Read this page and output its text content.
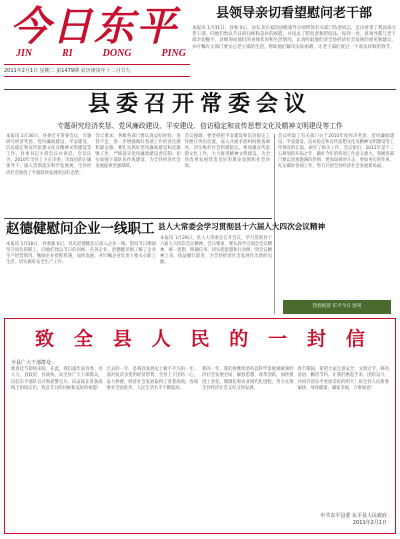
今日东平
JIN	RI	DONG	PING
2011年2月1日 星期二 第1479期 农历庚寅年十二月廿九
县领导亲切看望慰问老干部
本报讯 1月31日，县委书记、县长及在家的县级领导分别带领有关部门负责同志，走访看望了我县部分老干部，向他们致以节日的问候和美好的祝愿，并送去了慰问金和慰问品。每到一处，县领导都与老干部亲切握手，详细询问他们的身体状况和生活情况，认真听取他们对全县经济社会发展的意见和建议，并叮嘱有关部门要关心老干部的生活，帮助他们解决实际困难，让老干部们度过一个欢乐祥和的春节。
县委召开常委会议
专题研究经济奖惩、党风廉政建设、平安建设、信访稳定和宣传思想文化及精神文明建设等工作
本报讯 1月30日，县委召开常委会议，专题研究经济奖惩、党风廉政建设、平安建设、信访稳定和宣传思想文化及精神文明建设等工作。县委书记主持会议并讲话。会议认为，2010年全县上下在市委、市政府的正确领导下，深入贯彻落实科学发展观，全县经济社会保持了平稳较快发展的良好态势。
会议要求，各级各部门要认真总结经验，查找不足，进一步增强做好各项工作的责任感和紧迫感。要扎实抓好党风廉政建设和反腐败工作，严格落实党风廉政建设责任制，切实加强干部队伍作风建设，为全县经济社会发展提供坚强保障。
会议强调，要坚持把平安建设和信访稳定工作摆在突出位置，深入开展矛盾纠纷排查调处，切实维护社会和谐稳定。要加强宣传思想文化工作，大力推进精神文明建设，为全县改革发展营造良好的舆论氛围和社会环境。
会议听取了有关部门关于2010年度经济奖惩、党风廉政建设、平安建设、信访稳定和宣传思想文化及精神文明建设等工作情况的汇报，研究了相关工作。会议指出，2011年是十二五规划的开局之年，做好今年的各项工作意义重大。各级各部门要以更加饱满的热情、更加昂扬的斗志、更加务实的作风，扎实做好各项工作，努力开创全县经济社会发展新局面。
赵德健慰问企业一线职工
本报讯 1月28日，县委副书记、县长赵德健先后深入企业一线，慰问节日期间坚守岗位的职工，向他们致以节日的问候。在各企业，赵德健详细了解了企业生产经营情况，勉励企业抢抓机遇，加快发展，并叮嘱企业负责人要关心职工生活，切实做好安全生产工作。
县人大常委会学习贯彻县十六届人大四次会议精神
本报讯 1月29日，县人大常委会召开会议，学习贯彻县十六届人大四次会议精神。会议要求，要认真学习领会会议精神，统一思想，明确任务，切实把思想和行动统一到会议精神上来，依法履行职责，为全县经济社会发展作出新的贡献。
热烈祝贺 东平今日 创刊
致 全 县 人 民 的 一 封 信
全县广大干部群众：
新春佳节即将来临，在此，我们谨代表县委、县人大、县政府、县政协，向全县广大干部群众，向驻东平部队官兵和武警官兵，向奋战在各条战线上的同志们，致以节日的问候和美好的祝愿！
过去的一年，是我县发展史上极不平凡的一年。面对复杂多变的经济形势，全县上下团结一心，奋力拼搏，经济社会发展取得了显著成绩，各项事业全面进步，人民生活水平不断提高。
新的一年，我们将继续坚持以科学发展观统领经济社会发展全局，解放思想，改革创新，加快推进工业化、城镇化和农业现代化进程，努力实现全县经济社会又好又快发展。
春节期间，希望大家注意安全，文明过节，移风易俗，勤俭节约。让我们携起手来，团结奋斗，共同开创东平更加美好的明天！祝全县人民新春愉快、身体健康、阖家幸福、万事如意！
中共东平县委 东平县人民政府
2011年2月1日
